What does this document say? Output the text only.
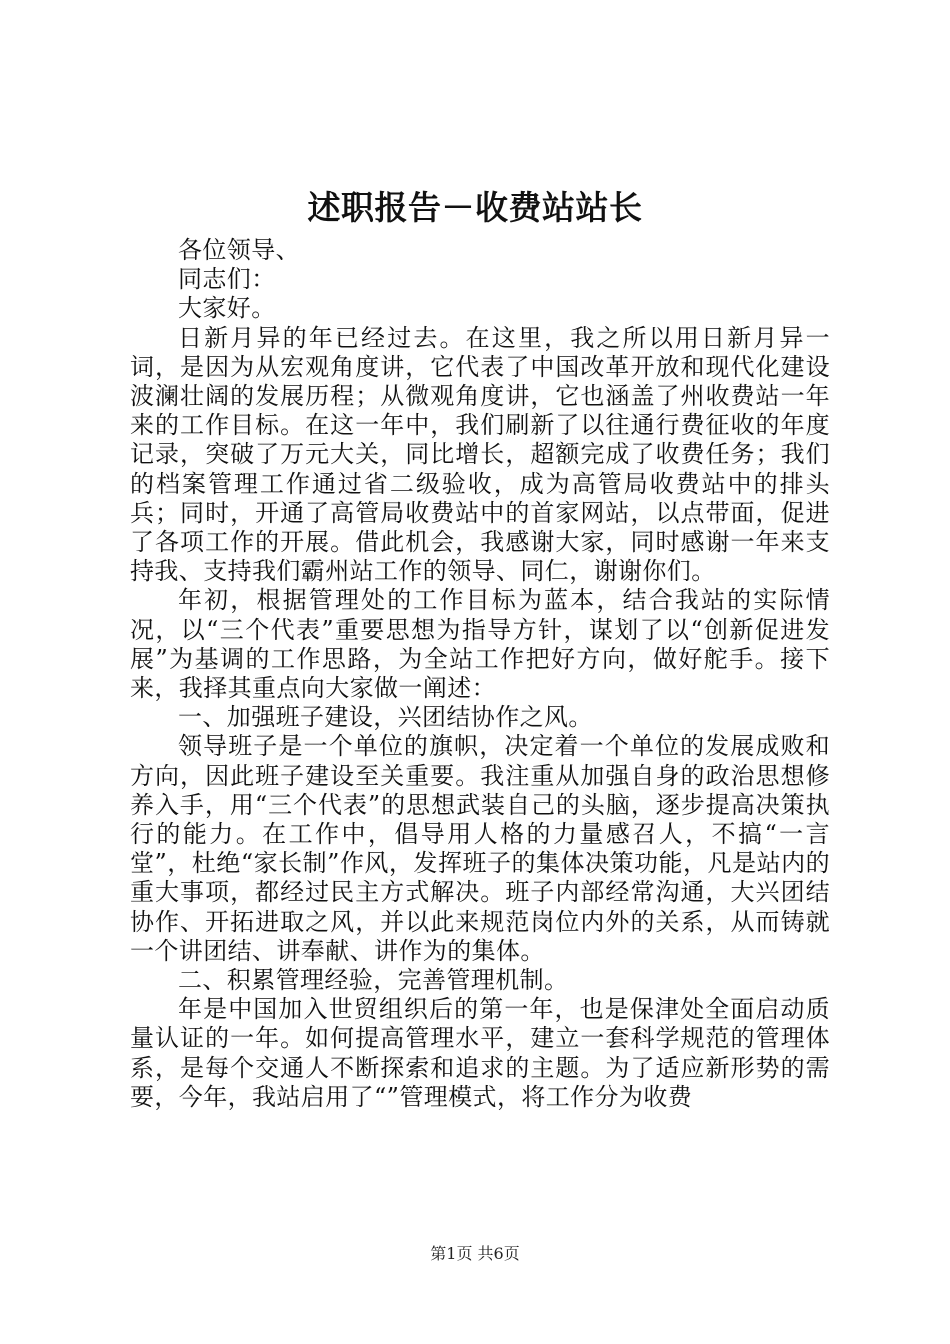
述职报告－收费站站长

各位领导、

同志们：

大家好。

日新月异的年已经过去。在这里，我之所以用日新月异一词，是因为从宏观角度讲，它代表了中国改革开放和现代化建设波澜壮阔的发展历程；从微观角度讲，它也涵盖了州收费站一年来的工作目标。在这一年中，我们刷新了以往通行费征收的年度记录，突破了万元大关，同比增长，超额完成了收费任务；我们的档案管理工作通过省二级验收，成为高管局收费站中的排头兵；同时，开通了高管局收费站中的首家网站，以点带面，促进了各项工作的开展。借此机会，我感谢大家，同时感谢一年来支持我、支持我们霸州站工作的领导、同仁，谢谢你们。

年初，根据管理处的工作目标为蓝本，结合我站的实际情况，以“三个代表”重要思想为指导方针，谋划了以“创新促进发展”为基调的工作思路，为全站工作把好方向，做好舵手。接下来，我择其重点向大家做一阐述：

一、加强班子建设，兴团结协作之风。

领导班子是一个单位的旗帜，决定着一个单位的发展成败和方向，因此班子建设至关重要。我注重从加强自身的政治思想修养入手，用“三个代表”的思想武装自己的头脑，逐步提高决策执行的能力。在工作中，倡导用人格的力量感召人，不搞“一言堂”，杜绝“家长制”作风，发挥班子的集体决策功能，凡是站内的重大事项，都经过民主方式解决。班子内部经常沟通，大兴团结协作、开拓进取之风，并以此来规范岗位内外的关系，从而铸就一个讲团结、讲奉献、讲作为的集体。

二、积累管理经验，完善管理机制。

年是中国加入世贸组织后的第一年，也是保津处全面启动质量认证的一年。如何提高管理水平，建立一套科学规范的管理体系，是每个交通人不断探索和追求的主题。为了适应新形势的需要，今年，我站启用了“”管理模式，将工作分为收费

第1页 共6页
